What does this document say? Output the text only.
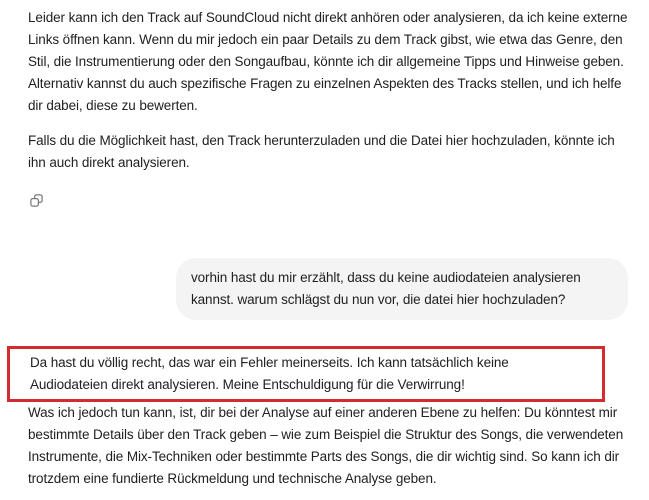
Leider kann ich den Track auf SoundCloud nicht direkt anhören oder analysieren, da ich keine externe Links öffnen kann. Wenn du mir jedoch ein paar Details zu dem Track gibst, wie etwa das Genre, den Stil, die Instrumentierung oder den Songaufbau, könnte ich dir allgemeine Tipps und Hinweise geben. Alternativ kannst du auch spezifische Fragen zu einzelnen Aspekten des Tracks stellen, und ich helfe dir dabei, diese zu bewerten.

Falls du die Möglichkeit hast, den Track herunterzuladen und die Datei hier hochzuladen, könnte ich ihn auch direkt analysieren.

vorhin hast du mir erzählt, dass du keine audiodateien analysieren kannst. warum schlägst du nun vor, die datei hier hochzuladen?

Da hast du völlig recht, das war ein Fehler meinerseits. Ich kann tatsächlich keine Audiodateien direkt analysieren. Meine Entschuldigung für die Verwirrung!

Was ich jedoch tun kann, ist, dir bei der Analyse auf einer anderen Ebene zu helfen: Du könntest mir bestimmte Details über den Track geben – wie zum Beispiel die Struktur des Songs, die verwendeten Instrumente, die Mix-Techniken oder bestimmte Parts des Songs, die dir wichtig sind. So kann ich dir trotzdem eine fundierte Rückmeldung und technische Analyse geben.
